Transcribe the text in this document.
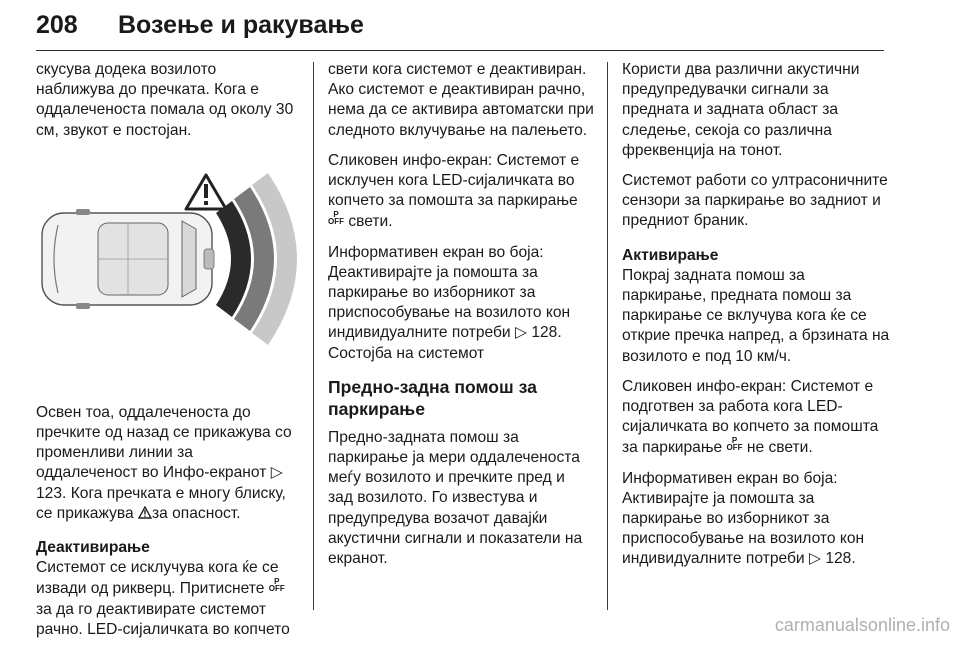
208 Возење и ракување

скусува додека возилото наближува до пречката. Кога е оддалеченоста помала од околу 30 см, звукот е постојан.

Освен тоа, оддалеченоста до пречките од назад се прикажува со променливи линии за оддалеченост во Инфо-екранот ▷ 123. Кога пречката е многу блиску, се прикажува за опасност.

Деактивирање

Системот се исклучува кога ќе се извади од рикверц. Притиснете P
OFF за да го деактивирате системот рачно. LED-сијаличката во копчето

свети кога системот е деактивиран. Ако системот е деактивиран рачно, нема да се активира автоматски при следното вклучување на палењето.

Сликовен инфо-екран: Системот е исклучен кога LED-сијаличката во копчето за помошта за паркирање P
OFF свети.

Информативен екран во боја: Деактивирајте ја помошта за паркирање во изборникот за приспособување на возилото кон индивидуалните потреби ▷ 128. Состојба на системот

Предно-задна помош за паркирање

Предно-задната помош за паркирање ја мери оддалеченоста меѓу возилото и пречките пред и зад возилото. Го известува и предупредува возачот давајќи акустични сигнали и показатели на екранот.

Користи два различни акустични предупредувачки сигнали за предната и задната област за следење, секоја со различна фреквенција на тонот.

Системот работи со ултрасоничните сензори за паркирање во задниот и предниот браник.

Активирање

Покрај задната помош за паркирање, предната помош за паркирање се вклучува кога ќе се открие пречка напред, а брзината на возилото е под 10 км/ч.

Сликовен инфо-екран: Системот е подготвен за работа кога LED-сијаличката во копчето за помошта за паркирање P
OFF не свети.

Информативен екран во боја: Активирајте ја помошта за паркирање во изборникот за приспособување на возилото кон индивидуалните потреби ▷ 128.

carmanualsonline.info
